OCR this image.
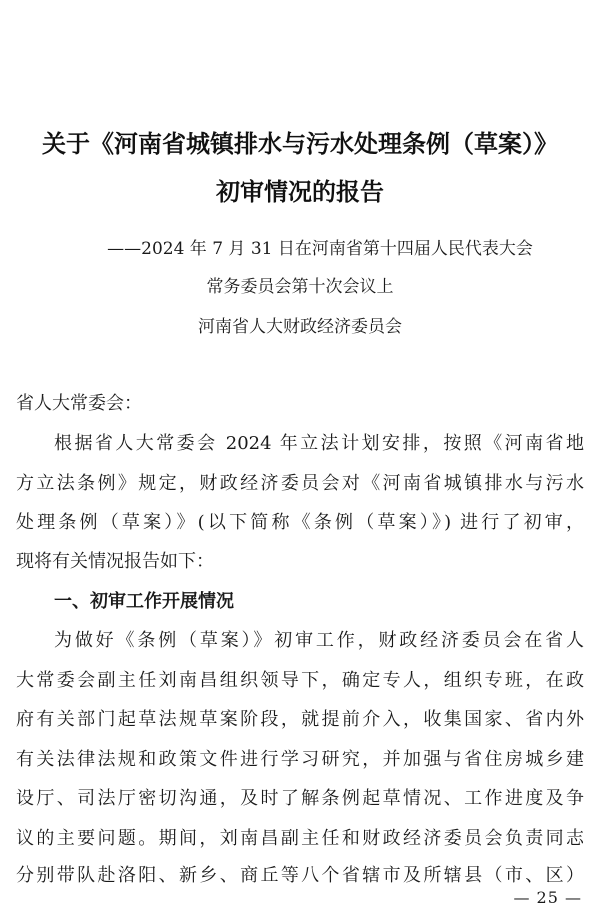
关于《河南省城镇排水与污水处理条例（草案）》
初审情况的报告
——2024 年 7 月 31 日在河南省第十四届人民代表大会
常务委员会第十次会议上
河南省人大财政经济委员会
省人大常委会：
根据省人大常委会 2024 年立法计划安排，按照《河南省地
方立法条例》规定，财政经济委员会对《河南省城镇排水与污水
处理条例（草案）》(以下简称《条例（草案）》) 进行了初审，
现将有关情况报告如下：
一、初审工作开展情况
为做好《条例（草案）》初审工作，财政经济委员会在省人
大常委会副主任刘南昌组织领导下，确定专人，组织专班，在政
府有关部门起草法规草案阶段，就提前介入，收集国家、省内外
有关法律法规和政策文件进行学习研究，并加强与省住房城乡建
设厅、司法厅密切沟通，及时了解条例起草情况、工作进度及争
议的主要问题。期间，刘南昌副主任和财政经济委员会负责同志
分别带队赴洛阳、新乡、商丘等八个省辖市及所辖县（市、区）
— 25 —
